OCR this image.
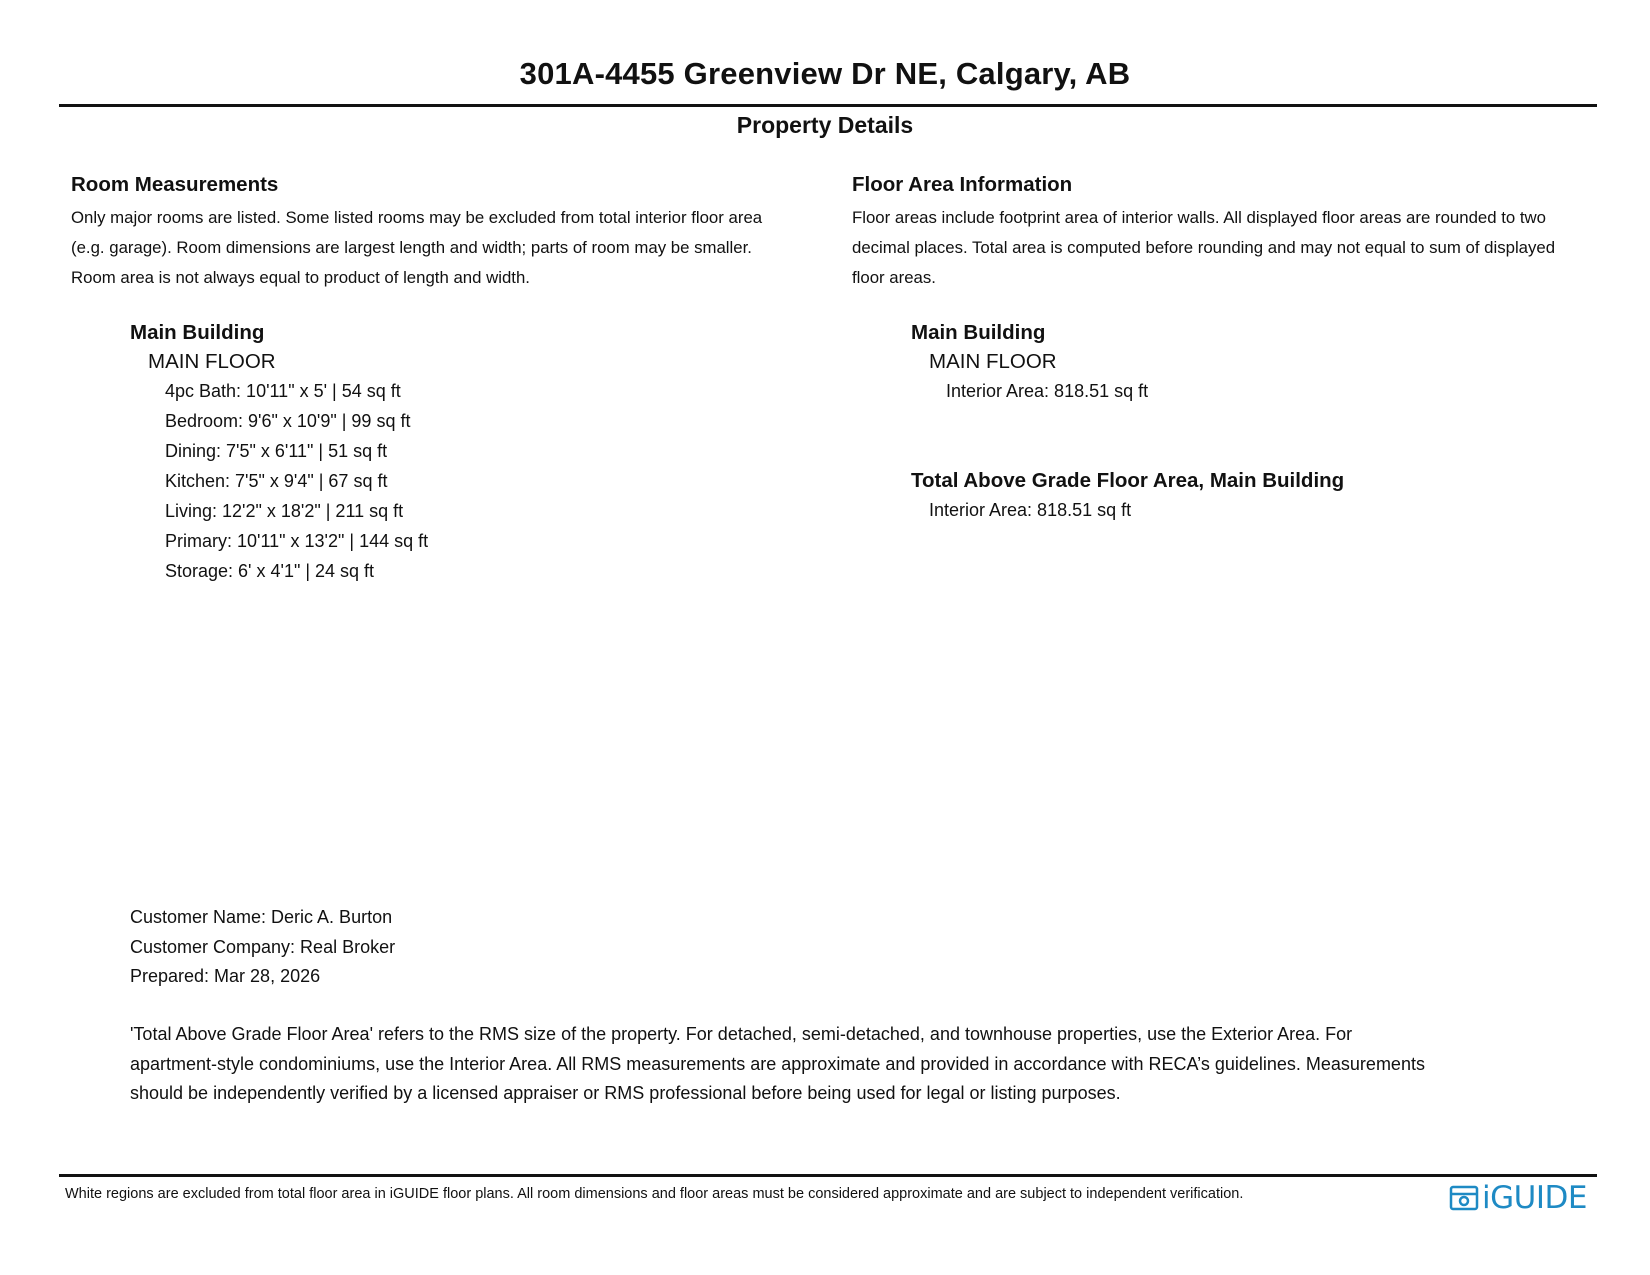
301A-4455 Greenview Dr NE, Calgary, AB
Property Details

Room Measurements

Only major rooms are listed. Some listed rooms may be excluded from total interior floor area
(e.g. garage). Room dimensions are largest length and width; parts of room may be smaller.
Room area is not always equal to product of length and width.
Main Building
MAIN FLOOR
4pc Bath: 10'11" x 5' | 54 sq ft
Bedroom: 9'6" x 10'9" | 99 sq ft
Dining: 7'5" x 6'11" | 51 sq ft
Kitchen: 7'5" x 9'4" | 67 sq ft
Living: 12'2" x 18'2" | 211 sq ft
Primary: 10'11" x 13'2" | 144 sq ft
Storage: 6' x 4'1" | 24 sq ft

Floor Area Information

Floor areas include footprint area of interior walls. All displayed floor areas are rounded to two
decimal places. Total area is computed before rounding and may not equal to sum of displayed
floor areas.
Main Building
MAIN FLOOR
Interior Area: 818.51 sq ft
Total Above Grade Floor Area, Main Building
Interior Area: 818.51 sq ft
Customer Name: Deric A. Burton
Customer Company: Real Broker
Prepared: Mar 28, 2026
'Total Above Grade Floor Area' refers to the RMS size of the property. For detached, semi-detached, and townhouse properties, use the Exterior Area. For
apartment-style condominiums, use the Interior Area. All RMS measurements are approximate and provided in accordance with RECA’s guidelines. Measurements
should be independently verified by a licensed appraiser or RMS professional before being used for legal or listing purposes.
White regions are excluded from total floor area in iGUIDE floor plans. All room dimensions and floor areas must be considered approximate and are subject to independent verification.	iGUIDE
